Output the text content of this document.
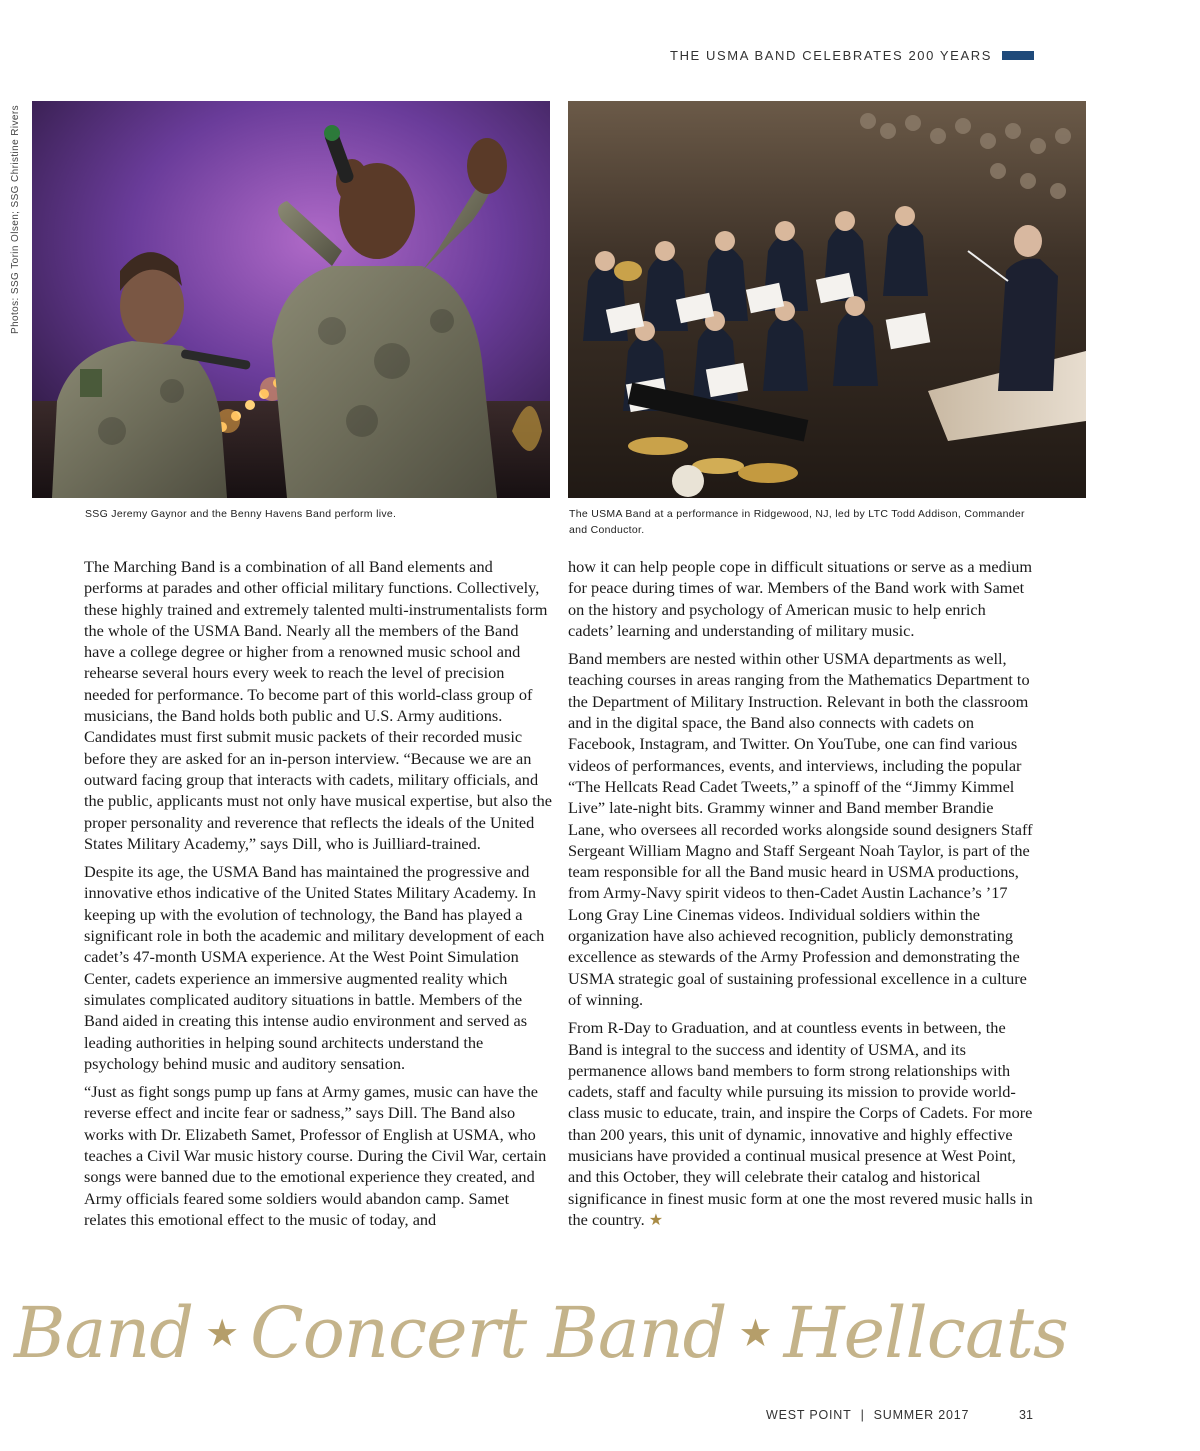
THE USMA BAND CELEBRATES 200 YEARS
Photos: SSG Torin Olsen; SSG Christine Rivers
SSG Jeremy Gaynor and the Benny Havens Band perform live.	The USMA Band at a performance in Ridgewood, NJ, led by LTC Todd Addison, Commander and Conductor.

The Marching Band is a combination of all Band elements and performs at parades and other official military functions. Collectively, these highly trained and extremely talented multi-instrumentalists form the whole of the USMA Band. Nearly all the members of the Band have a college degree or higher from a renowned music school and rehearse several hours every week to reach the level of precision needed for performance. To become part of this world-class group of musicians, the Band holds both public and U.S. Army auditions. Candidates must first submit music packets of their recorded music before they are asked for an in-person interview. “Because we are an outward facing group that interacts with cadets, military officials, and the public, applicants must not only have musical expertise, but also the proper personality and reverence that reflects the ideals of the United States Military Academy,” says Dill, who is Juilliard-trained.

Despite its age, the USMA Band has maintained the progressive and innovative ethos indicative of the United States Military Academy. In keeping up with the evolution of technology, the Band has played a significant role in both the academic and military development of each cadet’s 47-month USMA experience. At the West Point Simulation Center, cadets experience an immersive augmented reality which simulates complicated auditory situations in battle. Members of the Band aided in creating this intense audio environment and served as leading authorities in helping sound architects understand the psychology behind music and auditory sensation.

“Just as fight songs pump up fans at Army games, music can have the reverse effect and incite fear or sadness,” says Dill. The Band also works with Dr. Elizabeth Samet, Professor of English at USMA, who teaches a Civil War music history course. During the Civil War, certain songs were banned due to the emotional experience they created, and Army officials feared some soldiers would abandon camp. Samet relates this emotional effect to the music of today, and

how it can help people cope in difficult situations or serve as a medium for peace during times of war. Members of the Band work with Samet on the history and psychology of American music to help enrich cadets’ learning and understanding of military music.

Band members are nested within other USMA departments as well, teaching courses in areas ranging from the Mathematics Department to the Department of Military Instruction. Relevant in both the classroom and in the digital space, the Band also connects with cadets on Facebook, Instagram, and Twitter. On YouTube, one can find various videos of performances, events, and interviews, including the popular “The Hellcats Read Cadet Tweets,” a spinoff of the “Jimmy Kimmel Live” late-night bits. Grammy winner and Band member Brandie Lane, who oversees all recorded works alongside sound designers Staff Sergeant William Magno and Staff Sergeant Noah Taylor, is part of the team responsible for all the Band music heard in USMA productions, from Army-Navy spirit videos to then-Cadet Austin Lachance’s ’17 Long Gray Line Cinemas videos. Individual soldiers within the organization have also achieved recognition, publicly demonstrating excellence as stewards of the Army Profession and demonstrating the USMA strategic goal of sustaining professional excellence in a culture of winning.

From R-Day to Graduation, and at countless events in between, the Band is integral to the success and identity of USMA, and its permanence allows band members to form strong relationships with cadets, staff and faculty while pursuing its mission to provide world-class music to educate, train, and inspire the Corps of Cadets. For more than 200 years, this unit of dynamic, innovative and highly effective musicians have provided a continual musical presence at West Point, and this October, they will celebrate their catalog and historical significance in finest music form at one the most revered music halls in the country. ★

Band ★ Concert Band ★ Hellcats
WEST POINT | SUMMER 2017	31
